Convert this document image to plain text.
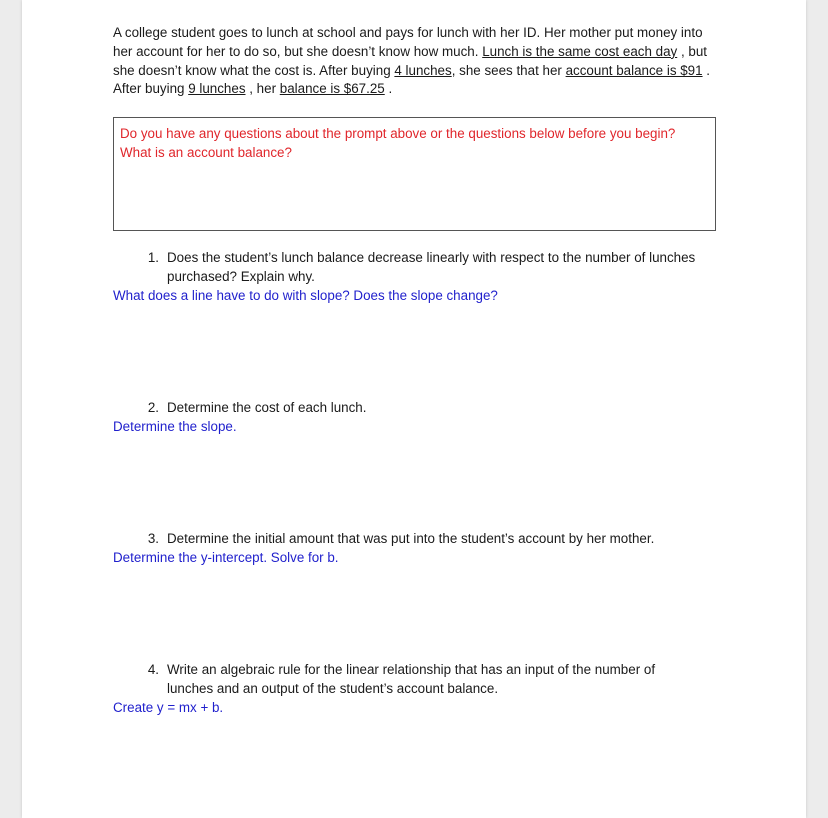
A college student goes to lunch at school and pays for lunch with her ID. Her mother put money into her account for her to do so, but she doesn’t know how much. Lunch is the same cost each day , but she doesn’t know what the cost is. After buying 4 lunches, she sees that her account balance is $91 . After buying 9 lunches , her balance is $67.25 .
Do you have any questions about the prompt above or the questions below before you begin?
What is an account balance?
1. Does the student’s lunch balance decrease linearly with respect to the number of lunches purchased? Explain why.
What does a line have to do with slope? Does the slope change?
2. Determine the cost of each lunch.
Determine the slope.
3. Determine the initial amount that was put into the student’s account by her mother.
Determine the y-intercept. Solve for b.
4. Write an algebraic rule for the linear relationship that has an input of the number of lunches and an output of the student’s account balance.
Create y = mx + b.
